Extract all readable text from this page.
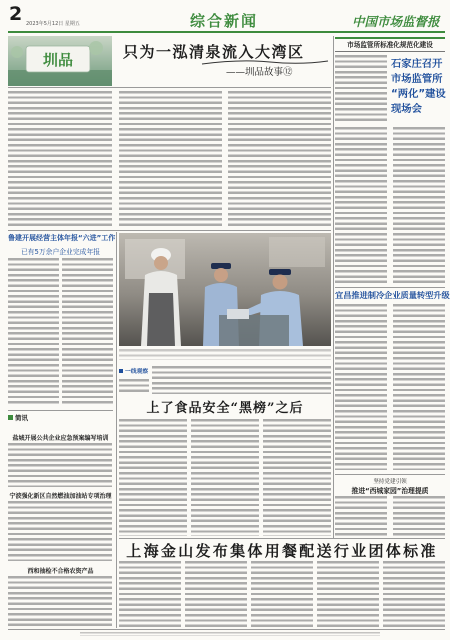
2 2023年5月12日 星期五	综合新闻	中国市场监督报
圳品	只为一泓清泉流入大湾区
——圳品故事⑫
市场监管所标准化规范化建设
石家庄召开
市场监管所
“两化”建设
现场会
鲁建开展经营主体年报“六进”工作
已有5万余户企业完成年报
一线观察
上了食品安全“黑榜”之后
宜昌推进制冷企业质量转型升级
坚持党建引领
推进“西城家园”治理提质
简讯
盐城开展公共企业应急预案编写培训
宁波强化新区自然燃油加油站专项治理
西和抽检不合格农资产品
上海金山发布集体用餐配送行业团体标准
